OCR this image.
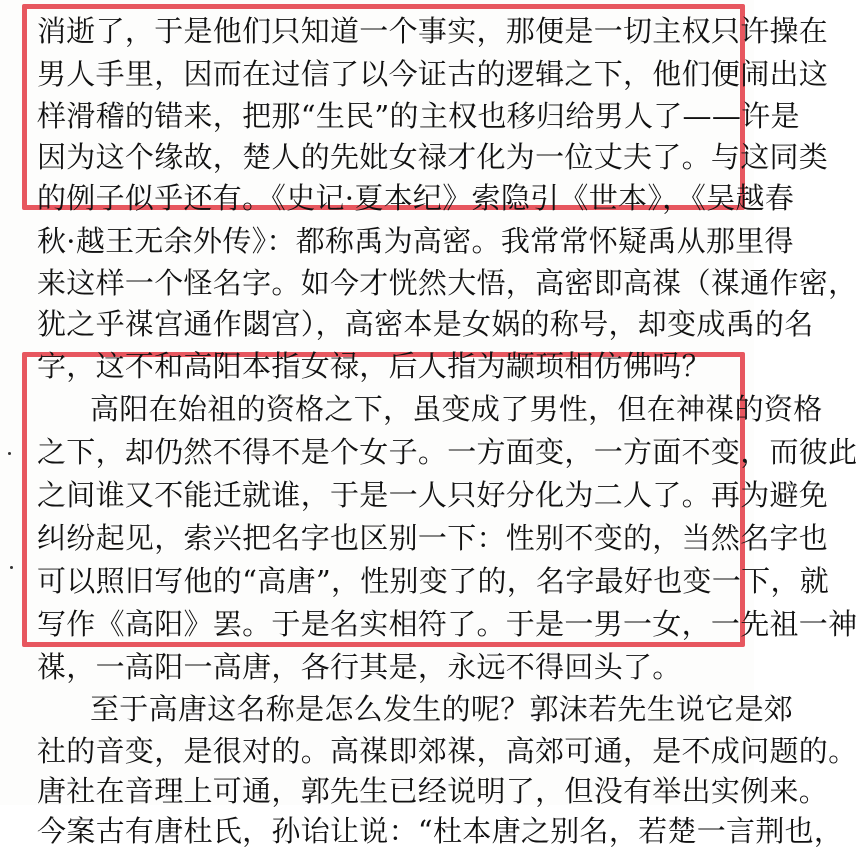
消逝了，于是他们只知道一个事实，那便是一切主权只许操在
男人手里，因而在过信了以今证古的逻辑之下，他们便闹出这
样滑稽的错来，把那“生民”的主权也移归给男人了——许是
因为这个缘故，楚人的先妣女禄才化为一位丈夫了。与这同类
的例子似乎还有。《史记·夏本纪》索隐引《世本》，《吴越春
秋·越王无余外传》：都称禹为高密。我常常怀疑禹从那里得
来这样一个怪名字。如今才恍然大悟，高密即高禖（禖通作密，
犹之乎禖宫通作閟宫），高密本是女娲的称号，却变成禹的名
字，这不和高阳本指女禄，后人指为颛顼相仿佛吗？
高阳在始祖的资格之下，虽变成了男性，但在神禖的资格
之下，却仍然不得不是个女子。一方面变，一方面不变，而彼此
之间谁又不能迁就谁，于是一人只好分化为二人了。再为避免
纠纷起见，索兴把名字也区别一下：性别不变的，当然名字也
可以照旧写他的“高唐”，性别变了的，名字最好也变一下，就
写作《高阳》罢。于是名实相符了。于是一男一女，一先祖一神
禖，一高阳一高唐，各行其是，永远不得回头了。
至于高唐这名称是怎么发生的呢？郭沫若先生说它是郊
社的音变，是很对的。高禖即郊禖，高郊可通，是不成问题的。
唐社在音理上可通，郭先生已经说明了，但没有举出实例来。
今案古有唐杜氏，孙诒让说：“杜本唐之别名，若楚一言荆也，
